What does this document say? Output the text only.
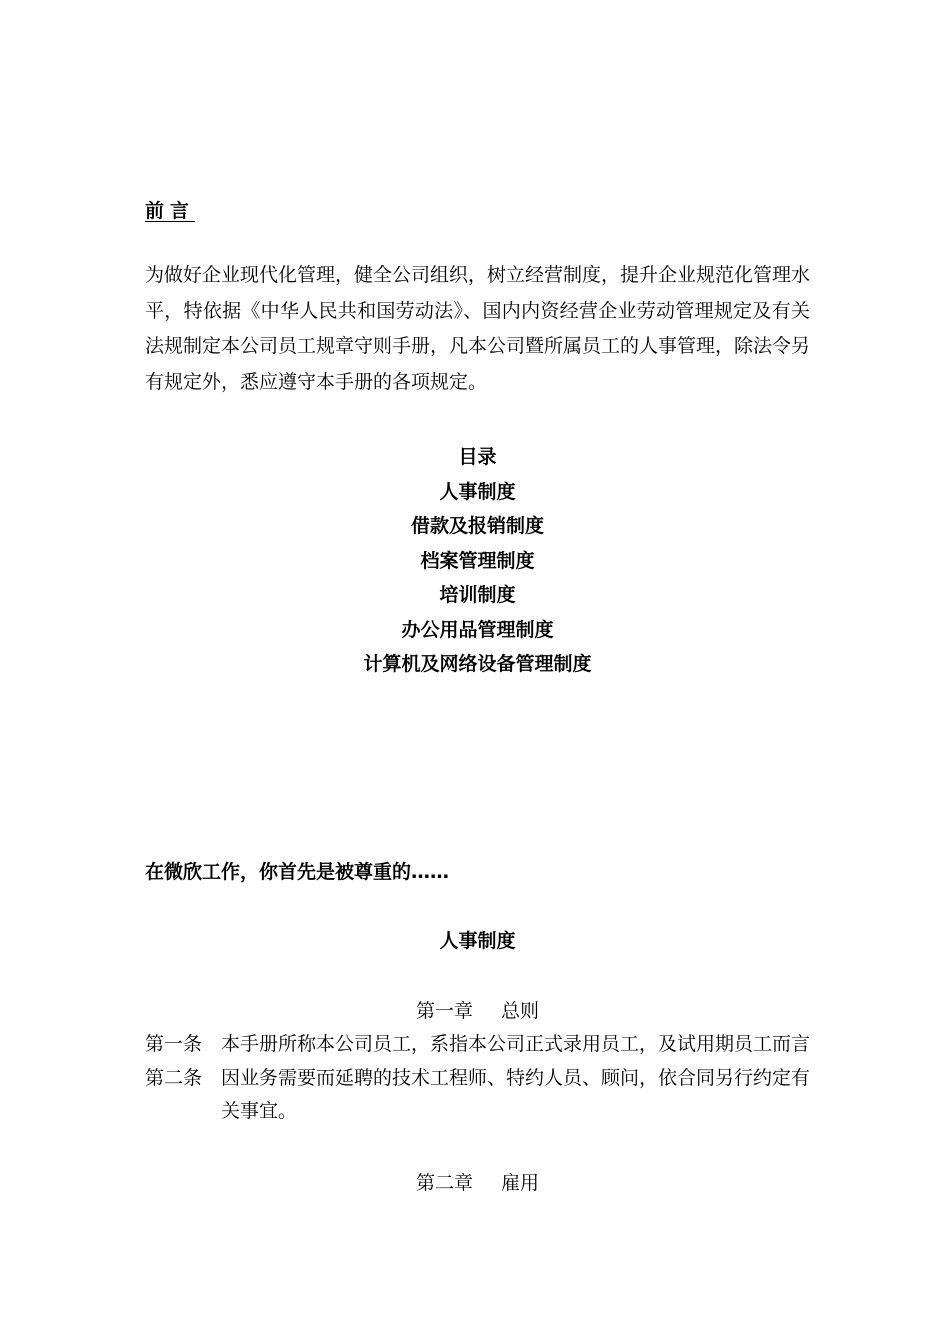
前言
为做好企业现代化管理，健全公司组织，树立经营制度，提升企业规范化管理水平，特依据《中华人民共和国劳动法》、国内内资经营企业劳动管理规定及有关法规制定本公司员工规章守则手册，凡本公司暨所属员工的人事管理，除法令另有规定外，悉应遵守本手册的各项规定。
目录
人事制度
借款及报销制度
档案管理制度
培训制度
办公用品管理制度
计算机及网络设备管理制度
在微欣工作，你首先是被尊重的……
人事制度
第一章 总则
第一条 本手册所称本公司员工，系指本公司正式录用员工，及试用期员工而言
第二条 因业务需要而延聘的技术工程师、特约人员、顾问，依合同另行约定有关事宜。
第二章 雇用
